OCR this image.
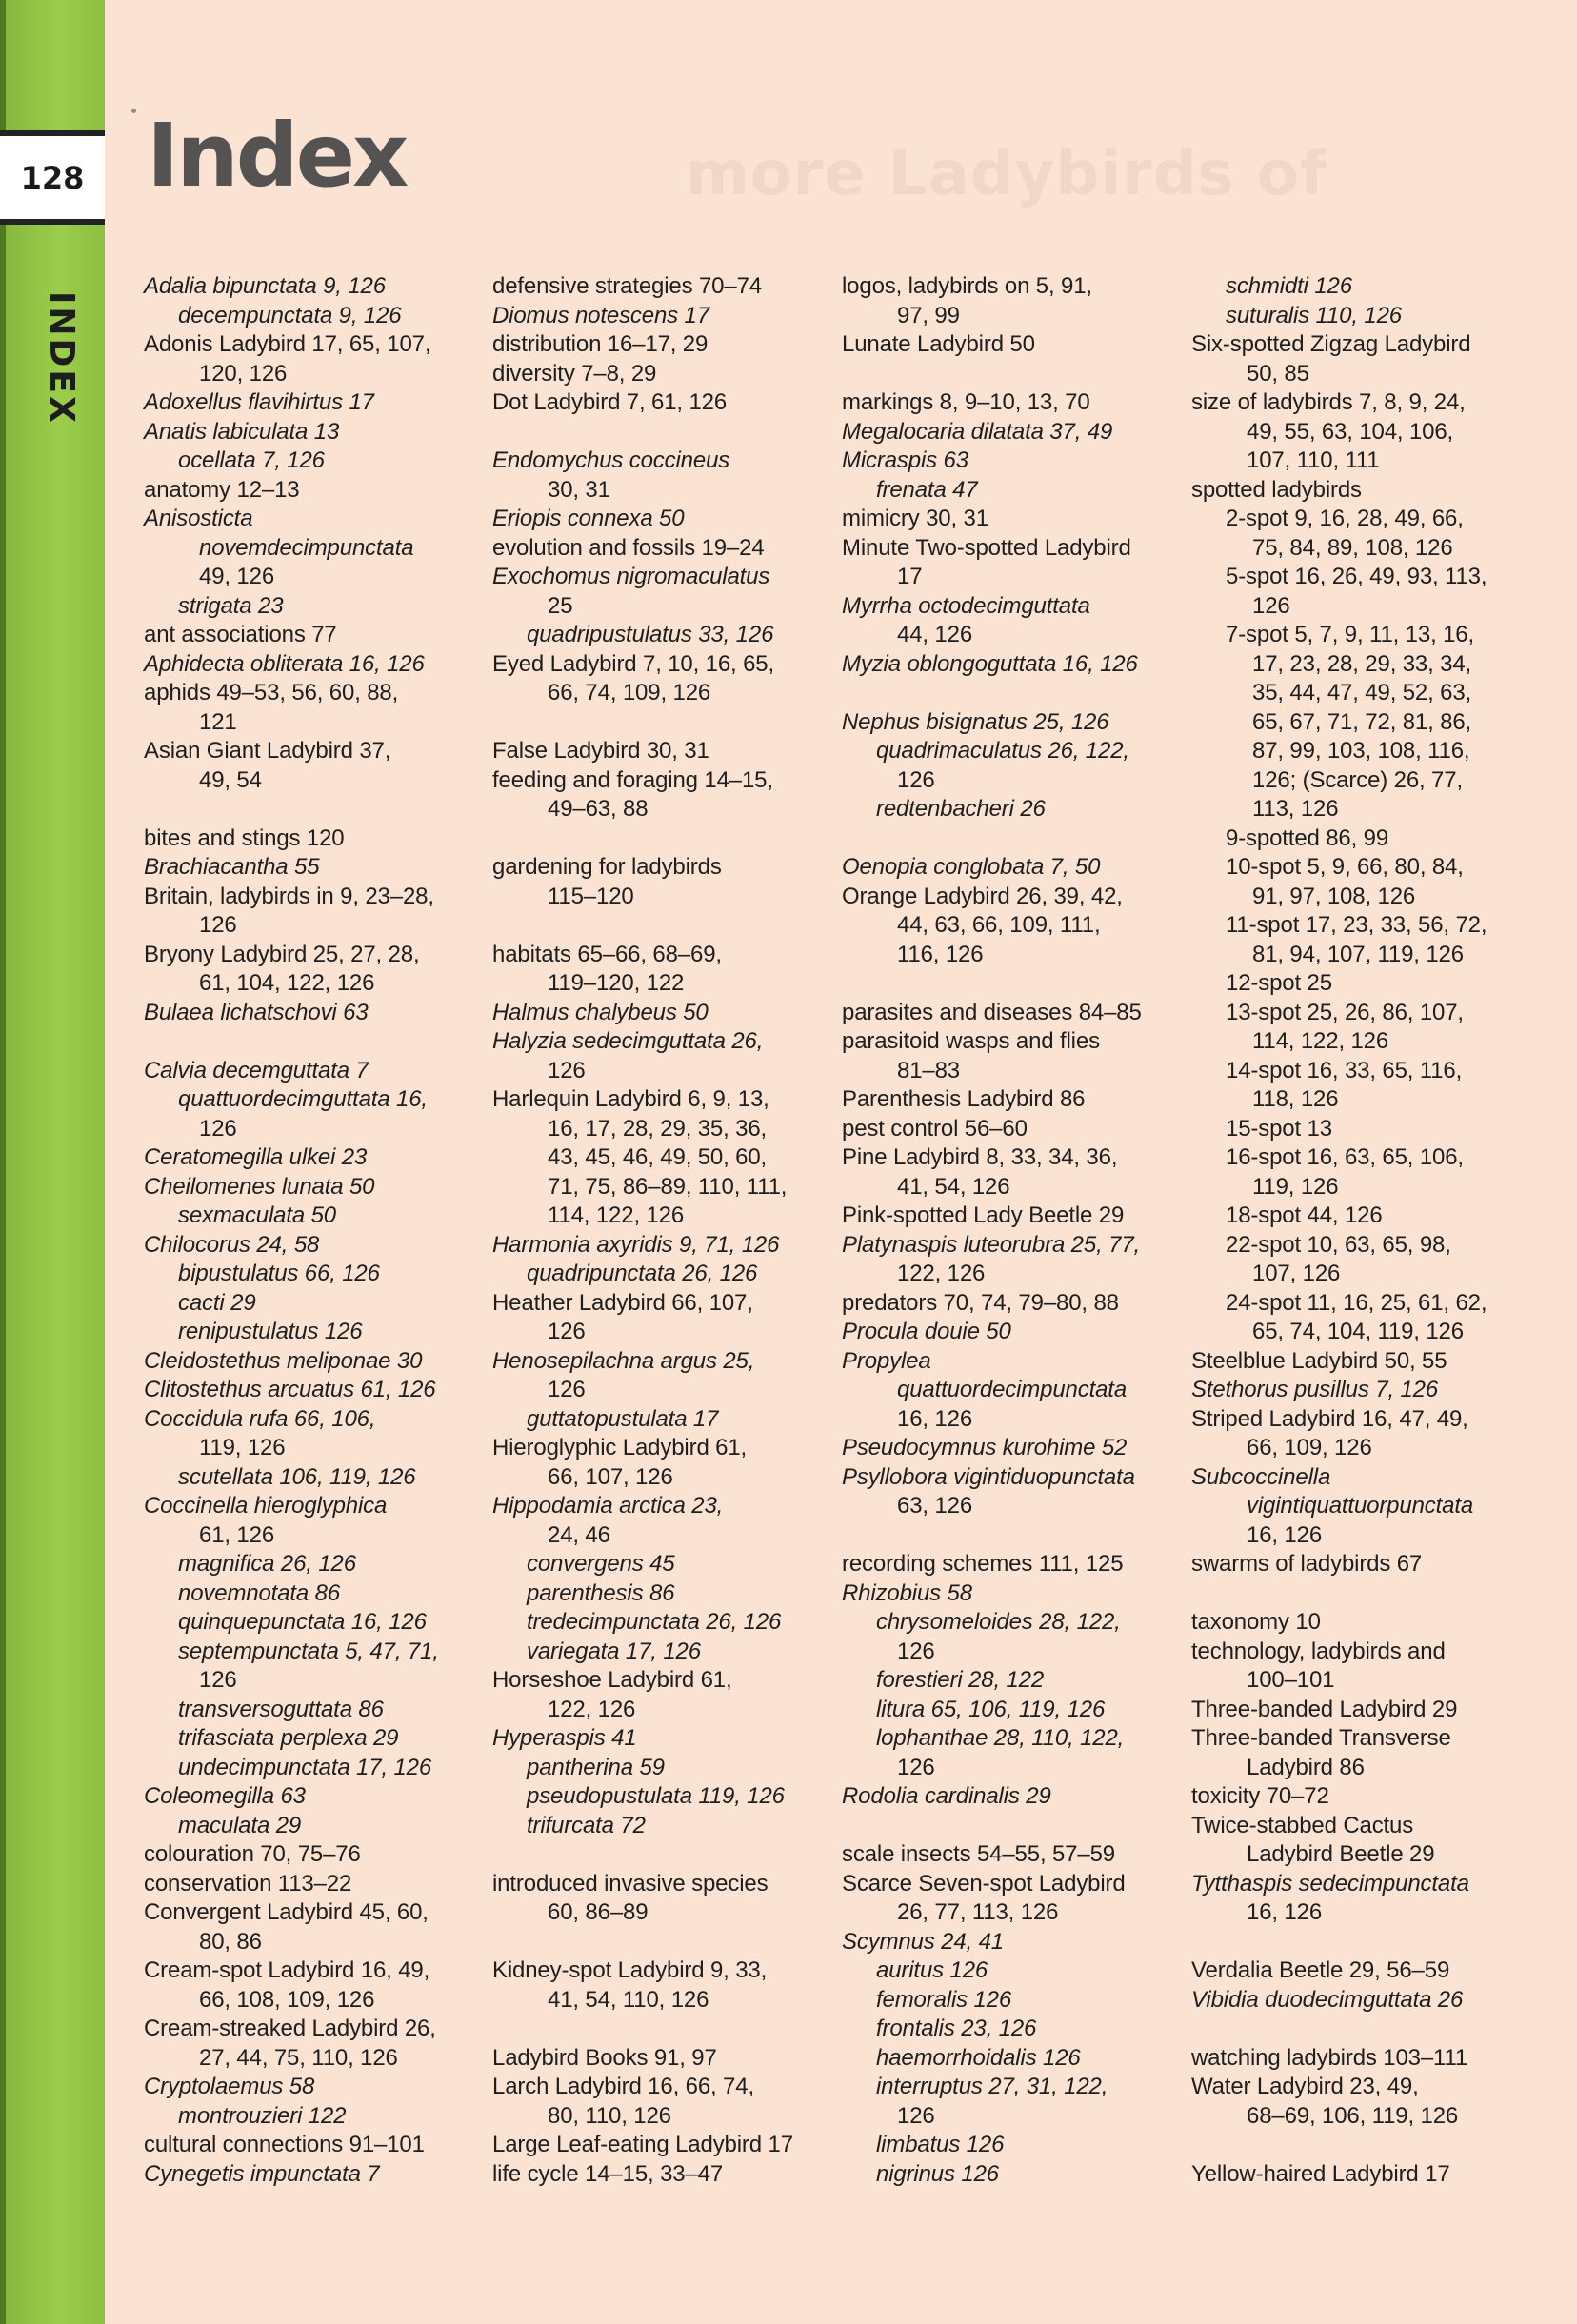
INDEX
128	more Ladybirds of
Index
Adalia bipunctata 9, 126
decempunctata 9, 126
Adonis Ladybird 17, 65, 107,
120, 126
Adoxellus flavihirtus 17
Anatis labiculata 13
ocellata 7, 126
anatomy 12–13
Anisosticta
novemdecimpunctata
49, 126
strigata 23
ant associations 77
Aphidecta obliterata 16, 126
aphids 49–53, 56, 60, 88,
121
Asian Giant Ladybird 37,
49, 54
bites and stings 120
Brachiacantha 55
Britain, ladybirds in 9, 23–28,
126
Bryony Ladybird 25, 27, 28,
61, 104, 122, 126
Bulaea lichatschovi 63
Calvia decemguttata 7
quattuordecimguttata 16,
126
Ceratomegilla ulkei 23
Cheilomenes lunata 50
sexmaculata 50
Chilocorus 24, 58
bipustulatus 66, 126
cacti 29
renipustulatus 126
Cleidostethus meliponae 30
Clitostethus arcuatus 61, 126
Coccidula rufa 66, 106,
119, 126
scutellata 106, 119, 126
Coccinella hieroglyphica
61, 126
magnifica 26, 126
novemnotata 86
quinquepunctata 16, 126
septempunctata 5, 47, 71,
126
transversoguttata 86
trifasciata perplexa 29
undecimpunctata 17, 126
Coleomegilla 63
maculata 29
colouration 70, 75–76
conservation 113–22
Convergent Ladybird 45, 60,
80, 86
Cream-spot Ladybird 16, 49,
66, 108, 109, 126
Cream-streaked Ladybird 26,
27, 44, 75, 110, 126
Cryptolaemus 58
montrouzieri 122
cultural connections 91–101
Cynegetis impunctata 7
defensive strategies 70–74
Diomus notescens 17
distribution 16–17, 29
diversity 7–8, 29
Dot Ladybird 7, 61, 126
Endomychus coccineus
30, 31
Eriopis connexa 50
evolution and fossils 19–24
Exochomus nigromaculatus
25
quadripustulatus 33, 126
Eyed Ladybird 7, 10, 16, 65,
66, 74, 109, 126
False Ladybird 30, 31
feeding and foraging 14–15,
49–63, 88
gardening for ladybirds
115–120
habitats 65–66, 68–69,
119–120, 122
Halmus chalybeus 50
Halyzia sedecimguttata 26,
126
Harlequin Ladybird 6, 9, 13,
16, 17, 28, 29, 35, 36,
43, 45, 46, 49, 50, 60,
71, 75, 86–89, 110, 111,
114, 122, 126
Harmonia axyridis 9, 71, 126
quadripunctata 26, 126
Heather Ladybird 66, 107,
126
Henosepilachna argus 25,
126
guttatopustulata 17
Hieroglyphic Ladybird 61,
66, 107, 126
Hippodamia arctica 23,
24, 46
convergens 45
parenthesis 86
tredecimpunctata 26, 126
variegata 17, 126
Horseshoe Ladybird 61,
122, 126
Hyperaspis 41
pantherina 59
pseudopustulata 119, 126
trifurcata 72
introduced invasive species
60, 86–89
Kidney-spot Ladybird 9, 33,
41, 54, 110, 126
Ladybird Books 91, 97
Larch Ladybird 16, 66, 74,
80, 110, 126
Large Leaf-eating Ladybird 17
life cycle 14–15, 33–47
logos, ladybirds on 5, 91,
97, 99
Lunate Ladybird 50
markings 8, 9–10, 13, 70
Megalocaria dilatata 37, 49
Micraspis 63
frenata 47
mimicry 30, 31
Minute Two-spotted Ladybird
17
Myrrha octodecimguttata
44, 126
Myzia oblongoguttata 16, 126
Nephus bisignatus 25, 126
quadrimaculatus 26, 122,
126
redtenbacheri 26
Oenopia conglobata 7, 50
Orange Ladybird 26, 39, 42,
44, 63, 66, 109, 111,
116, 126
parasites and diseases 84–85
parasitoid wasps and flies
81–83
Parenthesis Ladybird 86
pest control 56–60
Pine Ladybird 8, 33, 34, 36,
41, 54, 126
Pink-spotted Lady Beetle 29
Platynaspis luteorubra 25, 77,
122, 126
predators 70, 74, 79–80, 88
Procula douie 50
Propylea
quattuordecimpunctata
16, 126
Pseudocymnus kurohime 52
Psyllobora vigintiduopunctata
63, 126
recording schemes 111, 125
Rhizobius 58
chrysomeloides 28, 122,
126
forestieri 28, 122
litura 65, 106, 119, 126
lophanthae 28, 110, 122,
126
Rodolia cardinalis 29
scale insects 54–55, 57–59
Scarce Seven-spot Ladybird
26, 77, 113, 126
Scymnus 24, 41
auritus 126
femoralis 126
frontalis 23, 126
haemorrhoidalis 126
interruptus 27, 31, 122,
126
limbatus 126
nigrinus 126
schmidti 126
suturalis 110, 126
Six-spotted Zigzag Ladybird
50, 85
size of ladybirds 7, 8, 9, 24,
49, 55, 63, 104, 106,
107, 110, 111
spotted ladybirds
2-spot 9, 16, 28, 49, 66,
75, 84, 89, 108, 126
5-spot 16, 26, 49, 93, 113,
126
7-spot 5, 7, 9, 11, 13, 16,
17, 23, 28, 29, 33, 34,
35, 44, 47, 49, 52, 63,
65, 67, 71, 72, 81, 86,
87, 99, 103, 108, 116,
126; (Scarce) 26, 77,
113, 126
9-spotted 86, 99
10-spot 5, 9, 66, 80, 84,
91, 97, 108, 126
11-spot 17, 23, 33, 56, 72,
81, 94, 107, 119, 126
12-spot 25
13-spot 25, 26, 86, 107,
114, 122, 126
14-spot 16, 33, 65, 116,
118, 126
15-spot 13
16-spot 16, 63, 65, 106,
119, 126
18-spot 44, 126
22-spot 10, 63, 65, 98,
107, 126
24-spot 11, 16, 25, 61, 62,
65, 74, 104, 119, 126
Steelblue Ladybird 50, 55
Stethorus pusillus 7, 126
Striped Ladybird 16, 47, 49,
66, 109, 126
Subcoccinella
vigintiquattuorpunctata
16, 126
swarms of ladybirds 67
taxonomy 10
technology, ladybirds and
100–101
Three-banded Ladybird 29
Three-banded Transverse
Ladybird 86
toxicity 70–72
Twice-stabbed Cactus
Ladybird Beetle 29
Tytthaspis sedecimpunctata
16, 126
Verdalia Beetle 29, 56–59
Vibidia duodecimguttata 26
watching ladybirds 103–111
Water Ladybird 23, 49,
68–69, 106, 119, 126
Yellow-haired Ladybird 17
